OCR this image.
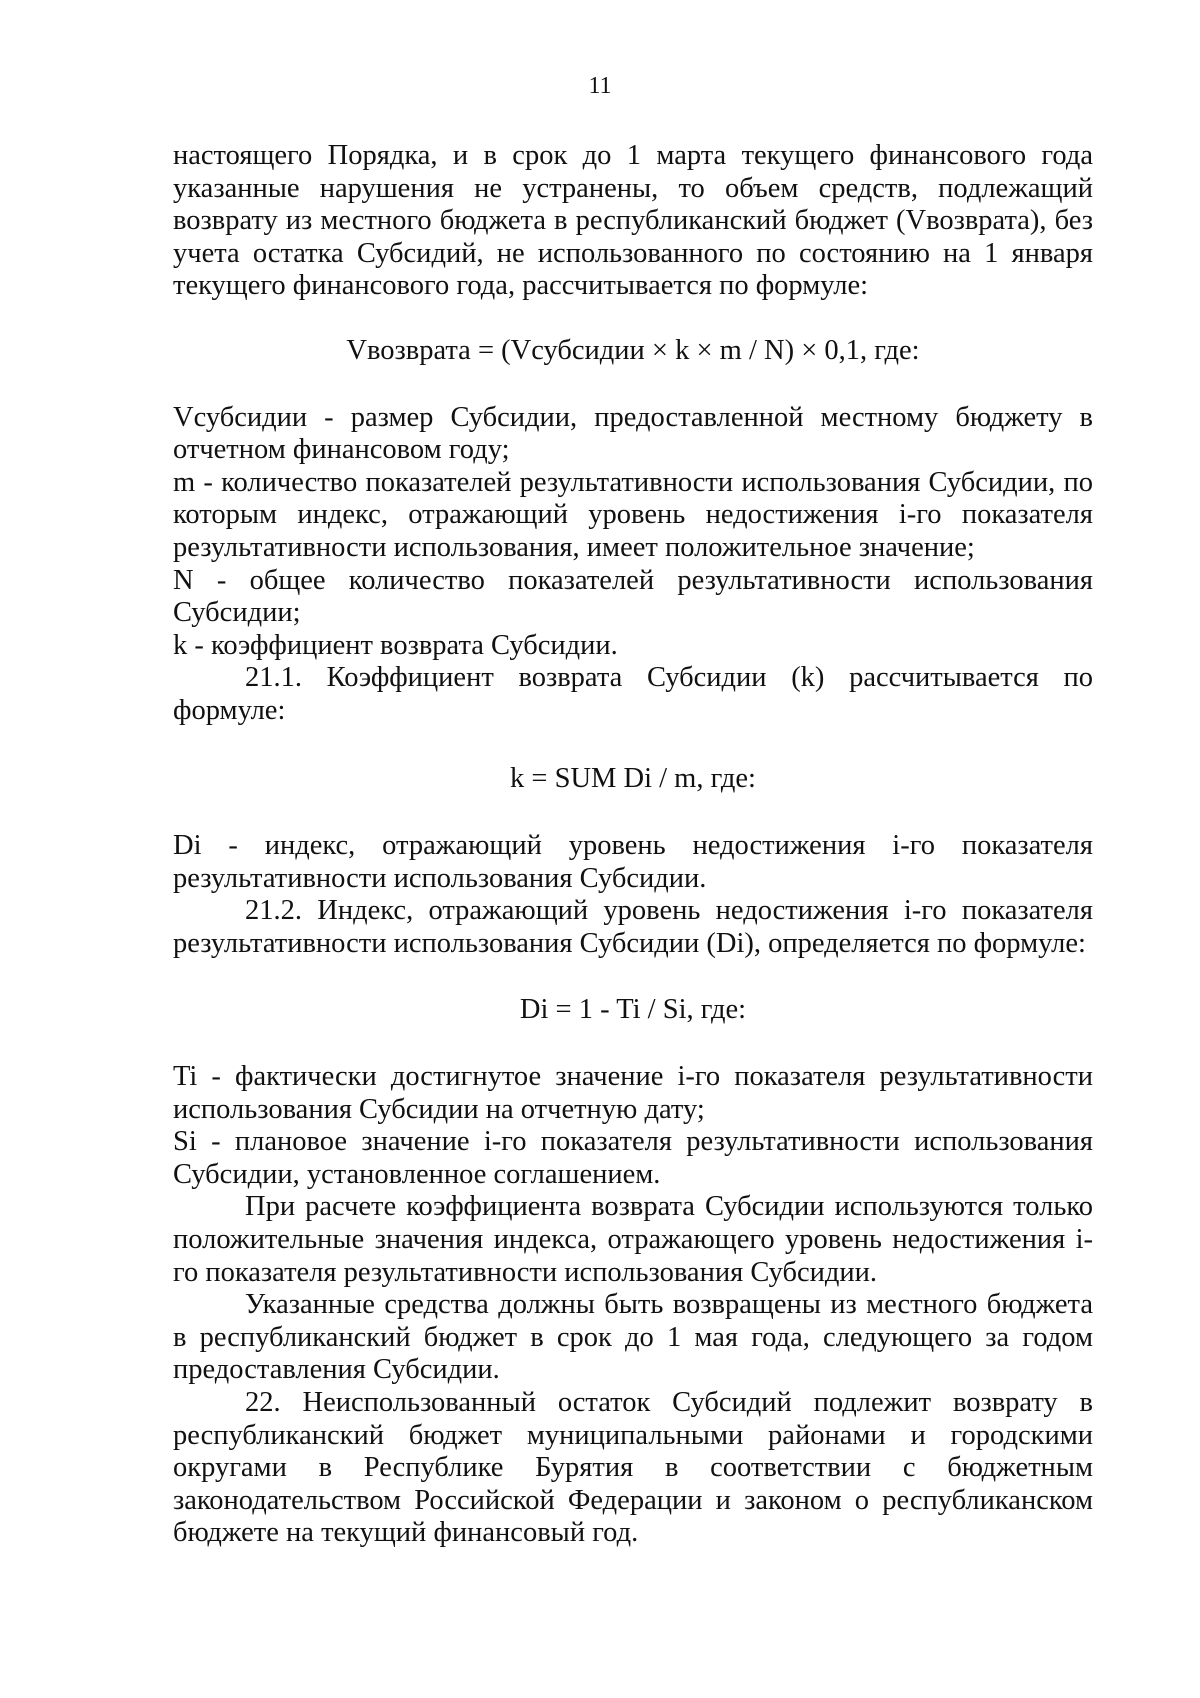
11

настоящего Порядка, и в срок до 1 марта текущего финансового года указанные нарушения не устранены, то объем средств, подлежащий возврату из местного бюджета в республиканский бюджет (Vвозврата), без учета остатка Субсидий, не использованного по состоянию на 1 января текущего финансового года, рассчитывается по формуле:

Vвозврата = (Vсубсидии × k × m / N) × 0,1, где:

Vсубсидии - размер Субсидии, предоставленной местному бюджету в отчетном финансовом году;

m - количество показателей результативности использования Субсидии, по которым индекс, отражающий уровень недостижения i-го показателя результативности использования, имеет положительное значение;

N - общее количество показателей результативности использования Субсидии;

k - коэффициент возврата Субсидии.

21.1. Коэффициент возврата Субсидии (k) рассчитывается по формуле:

k = SUM Di / m, где:

Di - индекс, отражающий уровень недостижения i-го показателя результативности использования Субсидии.

21.2. Индекс, отражающий уровень недостижения i-го показателя результативности использования Субсидии (Di), определяется по формуле:

Di = 1 - Ti / Si, где:

Ti - фактически достигнутое значение i-го показателя результативности использования Субсидии на отчетную дату;

Si - плановое значение i-го показателя результативности использования Субсидии, установленное соглашением.

При расчете коэффициента возврата Субсидии используются только положительные значения индекса, отражающего уровень недостижения i-го показателя результативности использования Субсидии.

Указанные средства должны быть возвращены из местного бюджета в республиканский бюджет в срок до 1 мая года, следующего за годом предоставления Субсидии.

22. Неиспользованный остаток Субсидий подлежит возврату в республиканский бюджет муниципальными районами и городскими округами в Республике Бурятия в соответствии с бюджетным законодательством Российской Федерации и законом о республиканском бюджете на текущий финансовый год.
